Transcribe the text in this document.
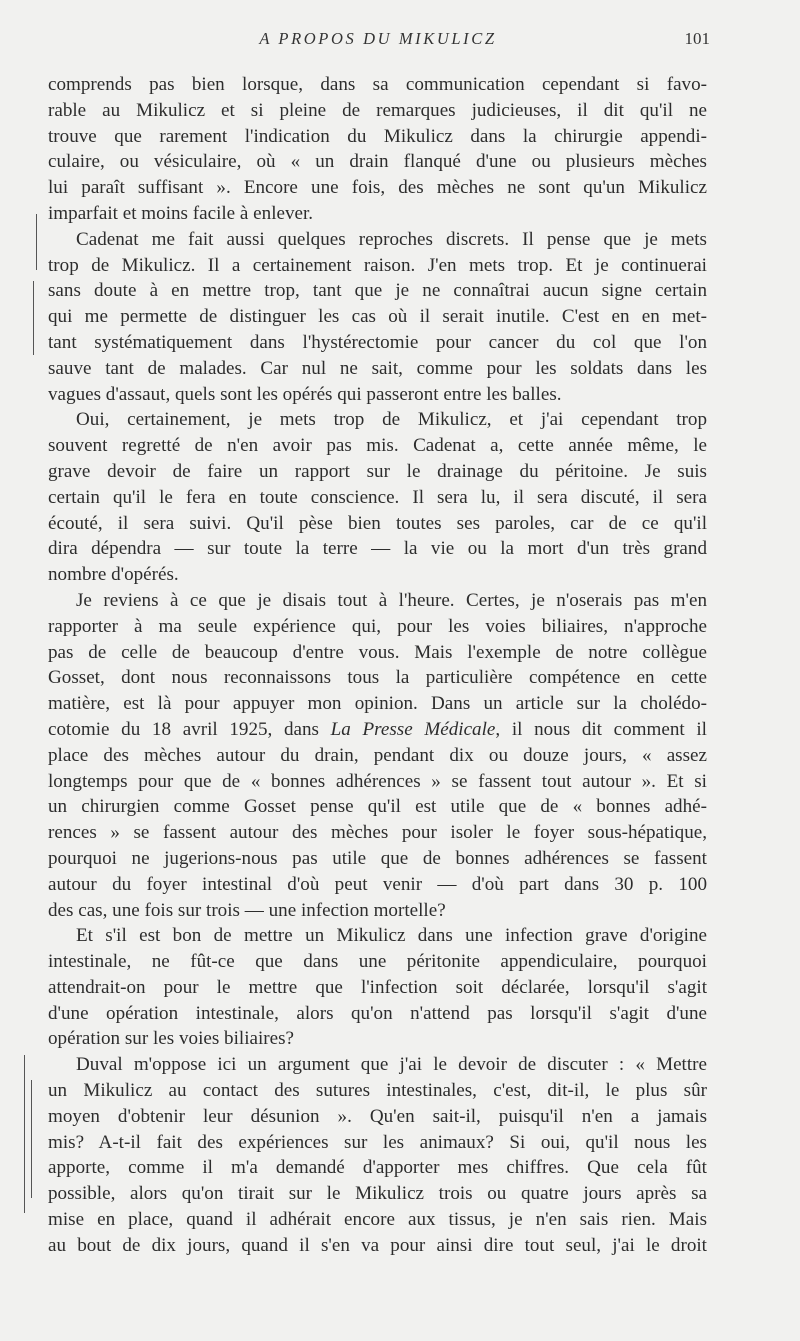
A PROPOS DU MIKULICZ	101
comprends pas bien lorsque, dans sa communication cependant si favo-
rable au Mikulicz et si pleine de remarques judicieuses, il dit qu'il ne
trouve que rarement l'indication du Mikulicz dans la chirurgie appendi-
culaire, ou vésiculaire, où « un drain flanqué d'une ou plusieurs mèches
lui paraît suffisant ». Encore une fois, des mèches ne sont qu'un Mikulicz
imparfait et moins facile à enlever.
Cadenat me fait aussi quelques reproches discrets. Il pense que je mets
trop de Mikulicz. Il a certainement raison. J'en mets trop. Et je continuerai
sans doute à en mettre trop, tant que je ne connaîtrai aucun signe certain
qui me permette de distinguer les cas où il serait inutile. C'est en en met-
tant systématiquement dans l'hystérectomie pour cancer du col que l'on
sauve tant de malades. Car nul ne sait, comme pour les soldats dans les
vagues d'assaut, quels sont les opérés qui passeront entre les balles.
Oui, certainement, je mets trop de Mikulicz, et j'ai cependant trop
souvent regretté de n'en avoir pas mis. Cadenat a, cette année même, le
grave devoir de faire un rapport sur le drainage du péritoine. Je suis
certain qu'il le fera en toute conscience. Il sera lu, il sera discuté, il sera
écouté, il sera suivi. Qu'il pèse bien toutes ses paroles, car de ce qu'il
dira dépendra — sur toute la terre — la vie ou la mort d'un très grand
nombre d'opérés.
Je reviens à ce que je disais tout à l'heure. Certes, je n'oserais pas m'en
rapporter à ma seule expérience qui, pour les voies biliaires, n'approche
pas de celle de beaucoup d'entre vous. Mais l'exemple de notre collègue
Gosset, dont nous reconnaissons tous la particulière compétence en cette
matière, est là pour appuyer mon opinion. Dans un article sur la cholédo-
cotomie du 18 avril 1925, dans La Presse Médicale, il nous dit comment il
place des mèches autour du drain, pendant dix ou douze jours, « assez
longtemps pour que de « bonnes adhérences » se fassent tout autour ». Et si
un chirurgien comme Gosset pense qu'il est utile que de « bonnes adhé-
rences » se fassent autour des mèches pour isoler le foyer sous-hépatique,
pourquoi ne jugerions-nous pas utile que de bonnes adhérences se fassent
autour du foyer intestinal d'où peut venir — d'où part dans 30 p. 100
des cas, une fois sur trois — une infection mortelle?
Et s'il est bon de mettre un Mikulicz dans une infection grave d'origine
intestinale, ne fût-ce que dans une péritonite appendiculaire, pourquoi
attendrait-on pour le mettre que l'infection soit déclarée, lorsqu'il s'agit
d'une opération intestinale, alors qu'on n'attend pas lorsqu'il s'agit d'une
opération sur les voies biliaires?
Duval m'oppose ici un argument que j'ai le devoir de discuter : « Mettre
un Mikulicz au contact des sutures intestinales, c'est, dit-il, le plus sûr
moyen d'obtenir leur désunion ». Qu'en sait-il, puisqu'il n'en a jamais
mis? A-t-il fait des expériences sur les animaux? Si oui, qu'il nous les
apporte, comme il m'a demandé d'apporter mes chiffres. Que cela fût
possible, alors qu'on tirait sur le Mikulicz trois ou quatre jours après sa
mise en place, quand il adhérait encore aux tissus, je n'en sais rien. Mais
au bout de dix jours, quand il s'en va pour ainsi dire tout seul, j'ai le droit
